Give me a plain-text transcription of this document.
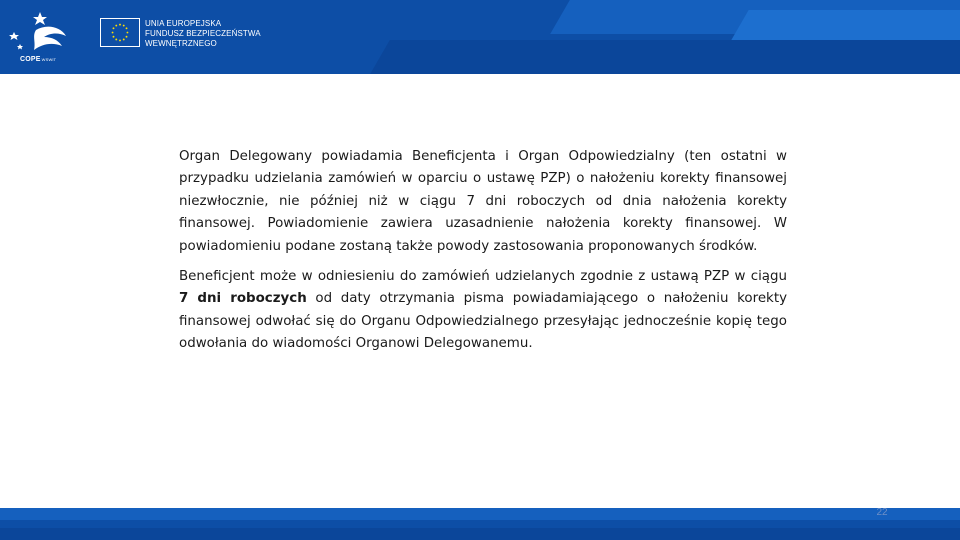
COPEWSWiT
UNIA EUROPEJSKA
FUNDUSZ BEZPIECZEŃSTWA
WEWNĘTRZNEGO

Organ Delegowany powiadamia Beneficjenta i Organ Odpowiedzialny (ten ostatni w przypadku udzielania zamówień w oparciu o ustawę PZP) o nałożeniu korekty finansowej niezwłocznie, nie później niż w ciągu 7 dni roboczych od dnia nałożenia korekty finansowej. Powiadomienie zawiera uzasadnienie nałożenia korekty finansowej. W powiadomieniu podane zostaną także powody zastosowania proponowanych środków.

Beneficjent może w odniesieniu do zamówień udzielanych zgodnie z ustawą PZP w ciągu 7 dni roboczych od daty otrzymania pisma powiadamiającego o nałożeniu korekty finansowej odwołać się do Organu Odpowiedzialnego przesyłając jednocześnie kopię tego odwołania do wiadomości Organowi Delegowanemu.

22
